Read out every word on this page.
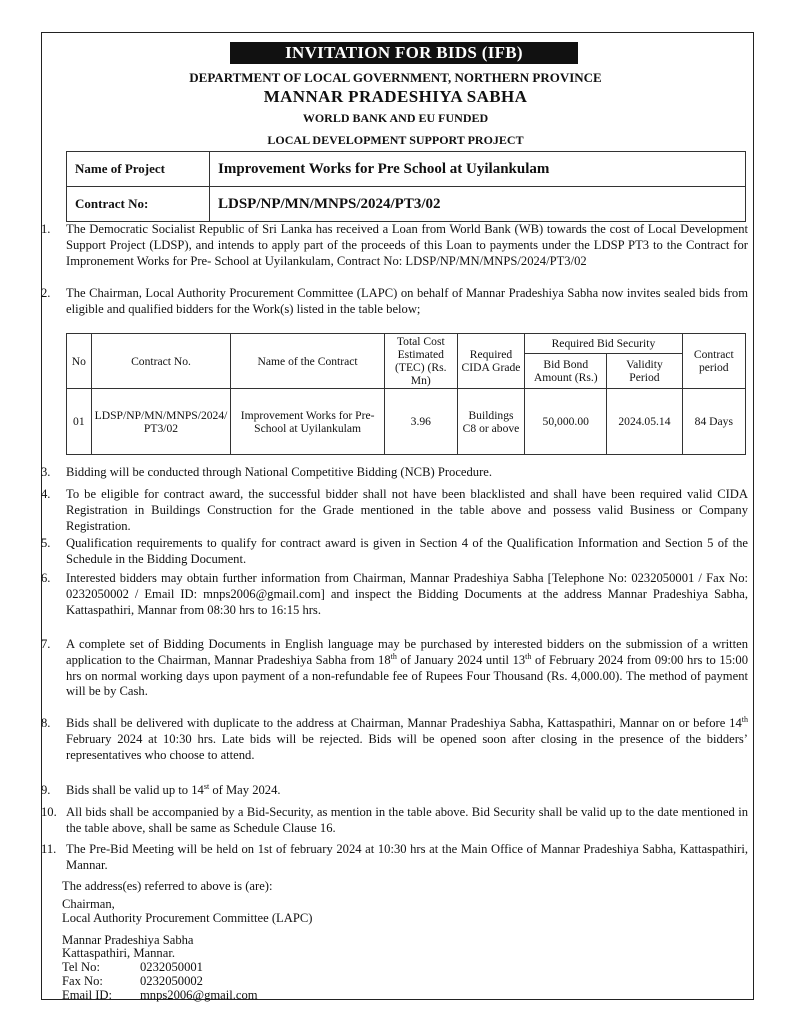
INVITATION FOR BIDS (IFB)
DEPARTMENT OF LOCAL GOVERNMENT, NORTHERN PROVINCE
MANNAR PRADESHIYA SABHA
WORLD BANK AND EU FUNDED
LOCAL DEVELOPMENT SUPPORT PROJECT
Name of Project	Improvement Works for Pre School at Uyilankulam
Contract No:	LDSP/NP/MN/MNPS/2024/PT3/02
1. The Democratic Socialist Republic of Sri Lanka has received a Loan from World Bank (WB) towards the cost of Local Development Support Project (LDSP), and intends to apply part of the proceeds of this Loan to payments under the LDSP PT3 to the Contract for Impronement Works for Pre- School at Uyilankulam, Contract No: LDSP/NP/MN/MNPS/2024/PT3/02
2. The Chairman, Local Authority Procurement Committee (LAPC) on behalf of Mannar Pradeshiya Sabha now invites sealed bids from eligible and qualified bidders for the Work(s) listed in the table below;
No	Contract No.	Name of the Contract	Total Cost Estimated (TEC) (Rs. Mn)	Required CIDA Grade	Required Bid Security		Contract period
					Bid Bond Amount (Rs.)	Validity Period	
01	LDSP/NP/MN/MNPS/2024/ PT3/02	Improvement Works for Pre- School at Uyilankulam	3.96	Buildings C8 or above	50,000.00	2024.05.14	84 Days
3. Bidding will be conducted through National Competitive Bidding (NCB) Procedure.
4. To be eligible for contract award, the successful bidder shall not have been blacklisted and shall have been required valid CIDA Registration in Buildings Construction for the Grade mentioned in the table above and possess valid Business or Company Registration.
5. Qualification requirements to qualify for contract award is given in Section 4 of the Qualification Information and Section 5 of the Schedule in the Bidding Document.
6. Interested bidders may obtain further information from Chairman, Mannar Pradeshiya Sabha [Telephone No: 0232050001 / Fax No: 0232050002 / Email ID: mnps2006@gmail.com] and inspect the Bidding Documents at the address Mannar Pradeshiya Sabha, Kattaspathiri, Mannar from 08:30 hrs to 16:15 hrs.
7. A complete set of Bidding Documents in English language may be purchased by interested bidders on the submission of a written application to the Chairman, Mannar Pradeshiya Sabha from 18th of January 2024 until 13th of February 2024 from 09:00 hrs to 15:00 hrs on normal working days upon payment of a non-refundable fee of Rupees Four Thousand (Rs. 4,000.00). The method of payment will be by Cash.
8. Bids shall be delivered with duplicate to the address at Chairman, Mannar Pradeshiya Sabha, Kattaspathiri, Mannar on or before 14th February 2024 at 10:30 hrs. Late bids will be rejected. Bids will be opened soon after closing in the presence of the bidders’ representatives who choose to attend.
9. Bids shall be valid up to 14st of May 2024.
10. All bids shall be accompanied by a Bid-Security, as mention in the table above. Bid Security shall be valid up to the date mentioned in the table above, shall be same as Schedule Clause 16.
11. The Pre-Bid Meeting will be held on 1st of february 2024 at 10:30 hrs at the Main Office of Mannar Pradeshiya Sabha, Kattaspathiri, Mannar.
The address(es) referred to above is (are):
Chairman,
Local Authority Procurement Committee (LAPC)
Mannar Pradeshiya Sabha
Kattaspathiri, Mannar.
Tel No:	0232050001
Fax No:	0232050002
Email ID:	mnps2006@gmail.com
